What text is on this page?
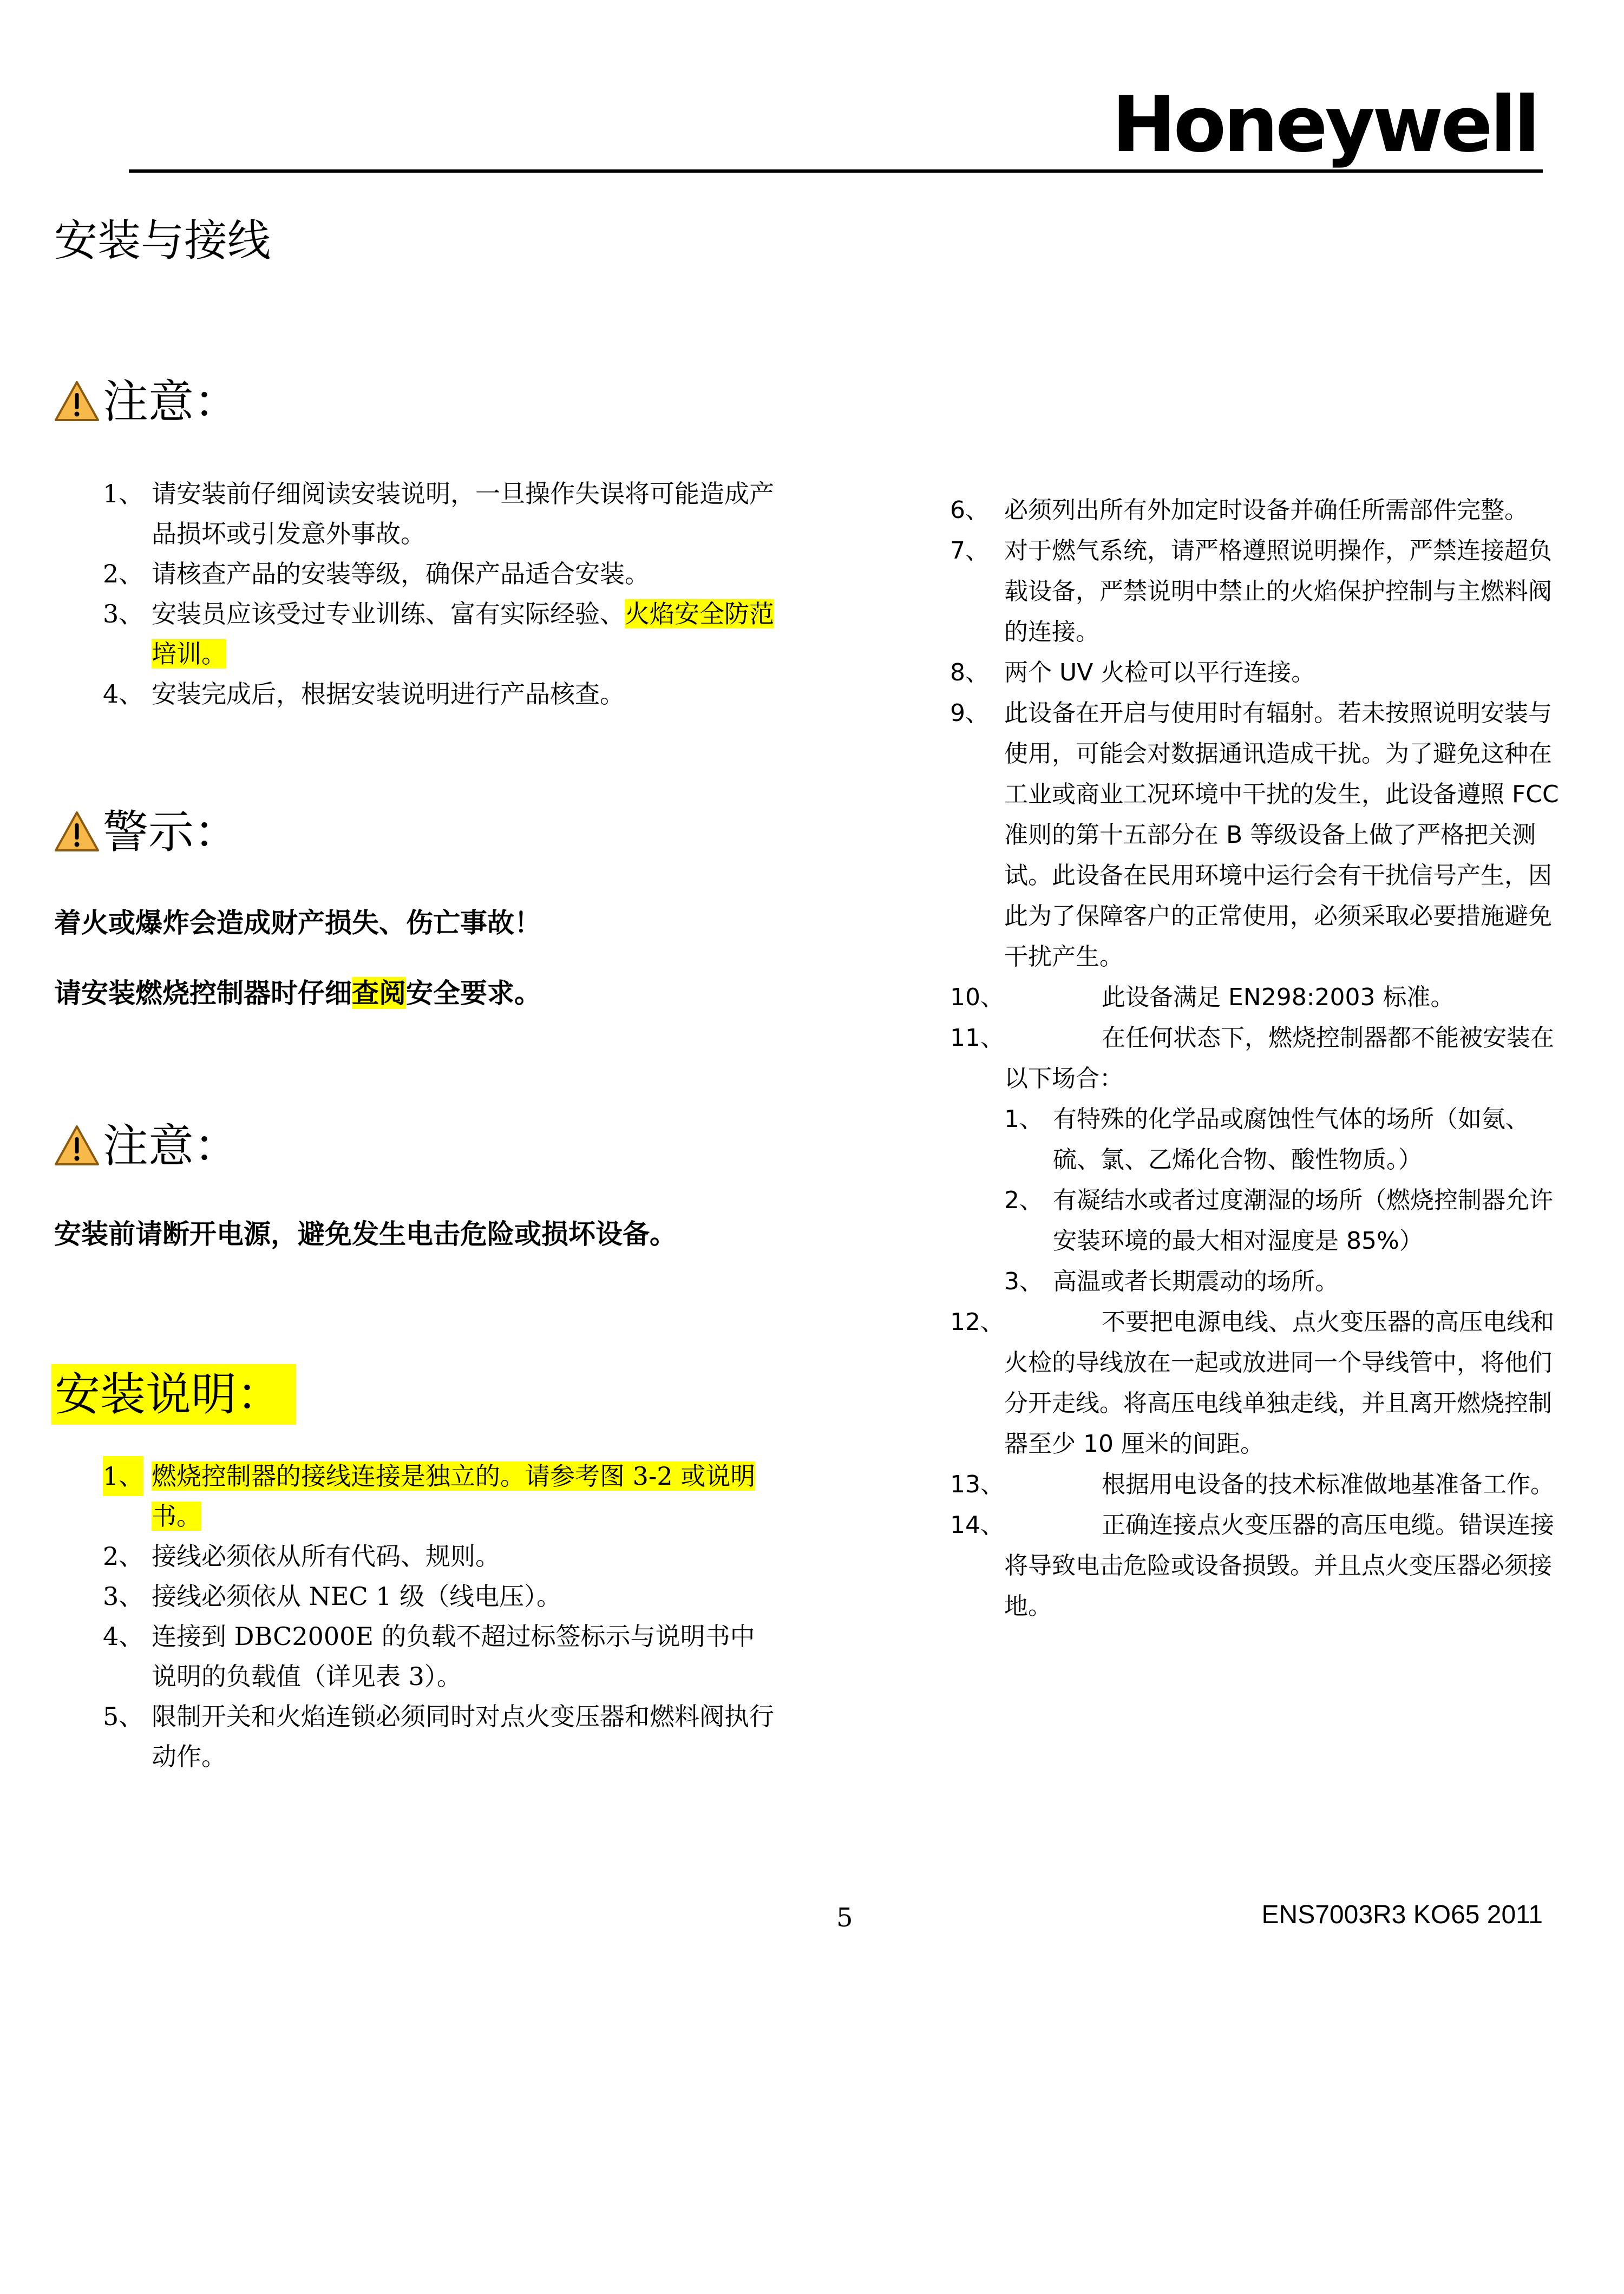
Honeywell
安装与接线
注意：
1、 请安装前仔细阅读安装说明，一旦操作失误将可能造成产品损坏或引发意外事故。
2、 请核查产品的安装等级，确保产品适合安装。
3、 安装员应该受过专业训练、富有实际经验、火焰安全防范培训。
4、 安装完成后，根据安装说明进行产品核查。
警示：
着火或爆炸会造成财产损失、伤亡事故！
请安装燃烧控制器时仔细查阅安全要求。
注意：
安装前请断开电源，避免发生电击危险或损坏设备。
安装说明：
1、 燃烧控制器的接线连接是独立的。请参考图 3-2 或说明书。
2、 接线必须依从所有代码、规则。
3、 接线必须依从 NEC 1 级（线电压）。
4、 连接到 DBC2000E 的负载不超过标签标示与说明书中说明的负载值（详见表 3）。
5、 限制开关和火焰连锁必须同时对点火变压器和燃料阀执行动作。
6、 必须列出所有外加定时设备并确任所需部件完整。
7、 对于燃气系统，请严格遵照说明操作，严禁连接超负载设备，严禁说明中禁止的火焰保护控制与主燃料阀的连接。
8、 两个 UV 火检可以平行连接。
9、 此设备在开启与使用时有辐射。若未按照说明安装与使用，可能会对数据通讯造成干扰。为了避免这种在工业或商业工况环境中干扰的发生，此设备遵照 FCC 准则的第十五部分在 B 等级设备上做了严格把关测试。此设备在民用环境中运行会有干扰信号产生，因此为了保障客户的正常使用，必须采取必要措施避免干扰产生。
10、	此设备满足 EN298:2003 标准。
11、	在任何状态下，燃烧控制器都不能被安装在以下场合：
1、 有特殊的化学品或腐蚀性气体的场所（如氨、硫、氯、乙烯化合物、酸性物质。）
2、 有凝结水或者过度潮湿的场所（燃烧控制器允许安装环境的最大相对湿度是 85%）
3、 高温或者长期震动的场所。
12、	不要把电源电线、点火变压器的高压电线和火检的导线放在一起或放进同一个导线管中，将他们分开走线。将高压电线单独走线，并且离开燃烧控制器至少 10 厘米的间距。
13、	根据用电设备的技术标准做地基准备工作。
14、	正确连接点火变压器的高压电缆。错误连接将导致电击危险或设备损毁。并且点火变压器必须接地。
5	ENS7003R3 KO65 2011
